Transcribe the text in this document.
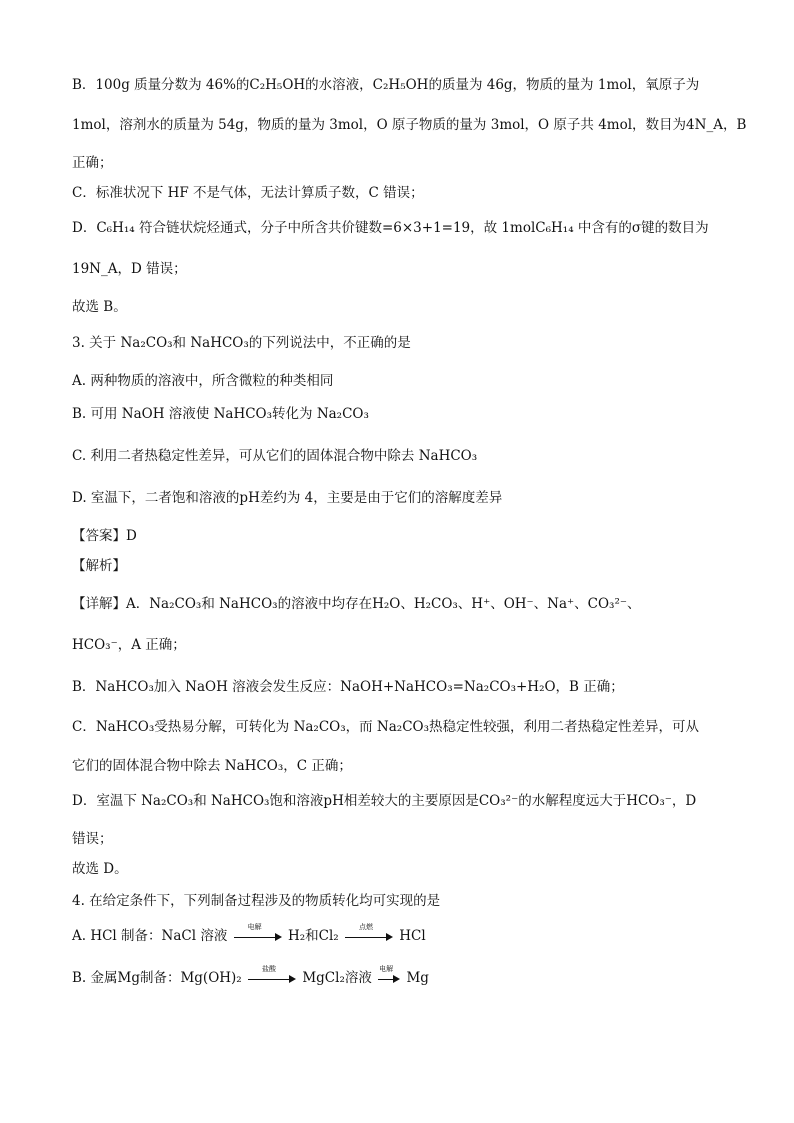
B．100g 质量分数为 46%的C₂H₅OH的水溶液，C₂H₅OH的质量为 46g，物质的量为 1mol，氧原子为
1mol，溶剂水的质量为 54g，物质的量为 3mol，O 原子物质的量为 3mol，O 原子共 4mol，数目为4N_A，B
正确；
C．标准状况下 HF 不是气体，无法计算质子数，C 错误；
D．C₆H₁₄ 符合链状烷烃通式，分子中所含共价键数=6×3+1=19，故 1molC₆H₁₄ 中含有的σ键的数目为
19N_A，D 错误；
故选 B。
3. 关于 Na₂CO₃和 NaHCO₃的下列说法中，不正确的是
A. 两种物质的溶液中，所含微粒的种类相同
B. 可用 NaOH 溶液使 NaHCO₃转化为 Na₂CO₃
C. 利用二者热稳定性差异，可从它们的固体混合物中除去 NaHCO₃
D. 室温下，二者饱和溶液的pH差约为 4，主要是由于它们的溶解度差异
【答案】D
【解析】
【详解】A．Na₂CO₃和 NaHCO₃的溶液中均存在H₂O、H₂CO₃、H⁺、OH⁻、Na⁺、CO₃²⁻、
HCO₃⁻，A 正确；
B．NaHCO₃加入 NaOH 溶液会发生反应：NaOH+NaHCO₃=Na₂CO₃+H₂O，B 正确；
C．NaHCO₃受热易分解，可转化为 Na₂CO₃，而 Na₂CO₃热稳定性较强，利用二者热稳定性差异，可从
它们的固体混合物中除去 NaHCO₃，C 正确；
D．室温下 Na₂CO₃和 NaHCO₃饱和溶液pH相差较大的主要原因是CO₃²⁻的水解程度远大于HCO₃⁻，D
错误；
故选 D。
4. 在给定条件下，下列制备过程涉及的物质转化均可实现的是
A. HCl 制备：NaCl 溶液
电解
H₂和Cl₂
点燃
HCl
B. 金属Mg制备：Mg(OH)₂
盐酸
MgCl₂溶液
电解
Mg
